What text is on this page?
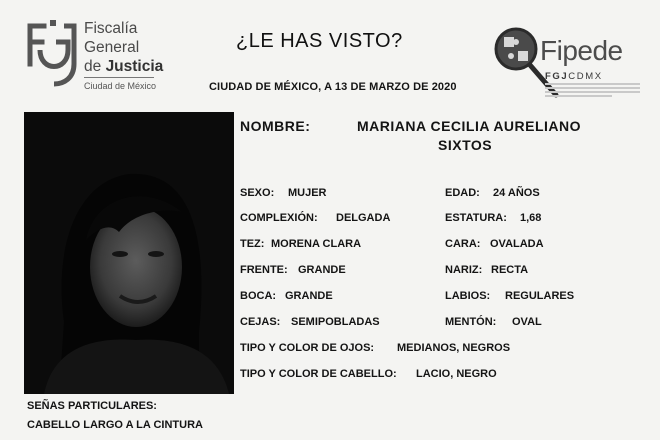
Fiscalía
General
de Justicia
Ciudad de México
¿LE HAS VISTO?
CIUDAD DE MÉXICO, A 13 DE MARZO DE 2020
Fipede
FGJCDMX
NOMBRE:	MARIANA CECILIA AURELIANO
SIXTOS
SEXO: MUJER	EDAD: 24 AÑOS
COMPLEXIÓN: DELGADA	ESTATURA: 1,68
TEZ: MORENA CLARA	CARA: OVALADA
FRENTE: GRANDE	NARIZ: RECTA
BOCA: GRANDE	LABIOS: REGULARES
CEJAS: SEMIPOBLADAS	MENTÓN: OVAL
TIPO Y COLOR DE OJOS: MEDIANOS, NEGROS
TIPO Y COLOR DE CABELLO: LACIO, NEGRO
SEÑAS PARTICULARES:
CABELLO LARGO A LA CINTURA
